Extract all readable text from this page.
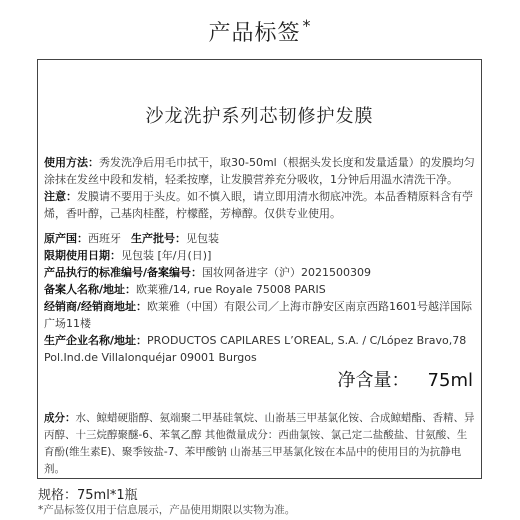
产品标签 *
沙龙洗护系列芯韧修护发膜

使用方法：秀发洗净后用毛巾拭干，取30-50ml（根据头发长度和发量适量）的发膜均匀涂抹在发丝中段和发梢，轻柔按摩，让发膜营养充分吸收，1分钟后用温水清洗干净。

注意：发膜请不要用于头皮。如不慎入眼，请立即用清水彻底冲洗。本品香精原料含有苧烯，香叶醇，己基肉桂醛，柠檬醛，芳樟醇。仅供专业使用。

原产国：西班牙 生产批号：见包装

限期使用日期：见包装 [年/月(日)]

产品执行的标准编号/备案编号：国妆网备进字（沪）2021500309

备案人名称/地址：欧莱雅/14, rue Royale 75008 PARIS

经销商/经销商地址：欧莱雅（中国）有限公司／上海市静安区南京西路1601号越洋国际广场11楼

生产企业名称/地址：PRODUCTOS CAPILARES L’OREAL, S.A. / C/López Bravo,78 Pol.Ind.de Villalonquéjar 09001 Burgos

净含量： 75ml

成分：水、鲸蜡硬脂醇、氨端聚二甲基硅氧烷、山嵛基三甲基氯化铵、合成鲸蜡酯、香精、异丙醇、十三烷醇聚醚-6、苯氧乙醇 其他微量成分：西曲氯铵、氯己定二盐酸盐、甘氨酸、生育酚(维生素E)、聚季铵盐-7、苯甲酸钠 山嵛基三甲基氯化铵在本品中的使用目的为抗静电剂。

规格：75ml*1瓶
*产品标签仅用于信息展示，产品使用期限以实物为准。
